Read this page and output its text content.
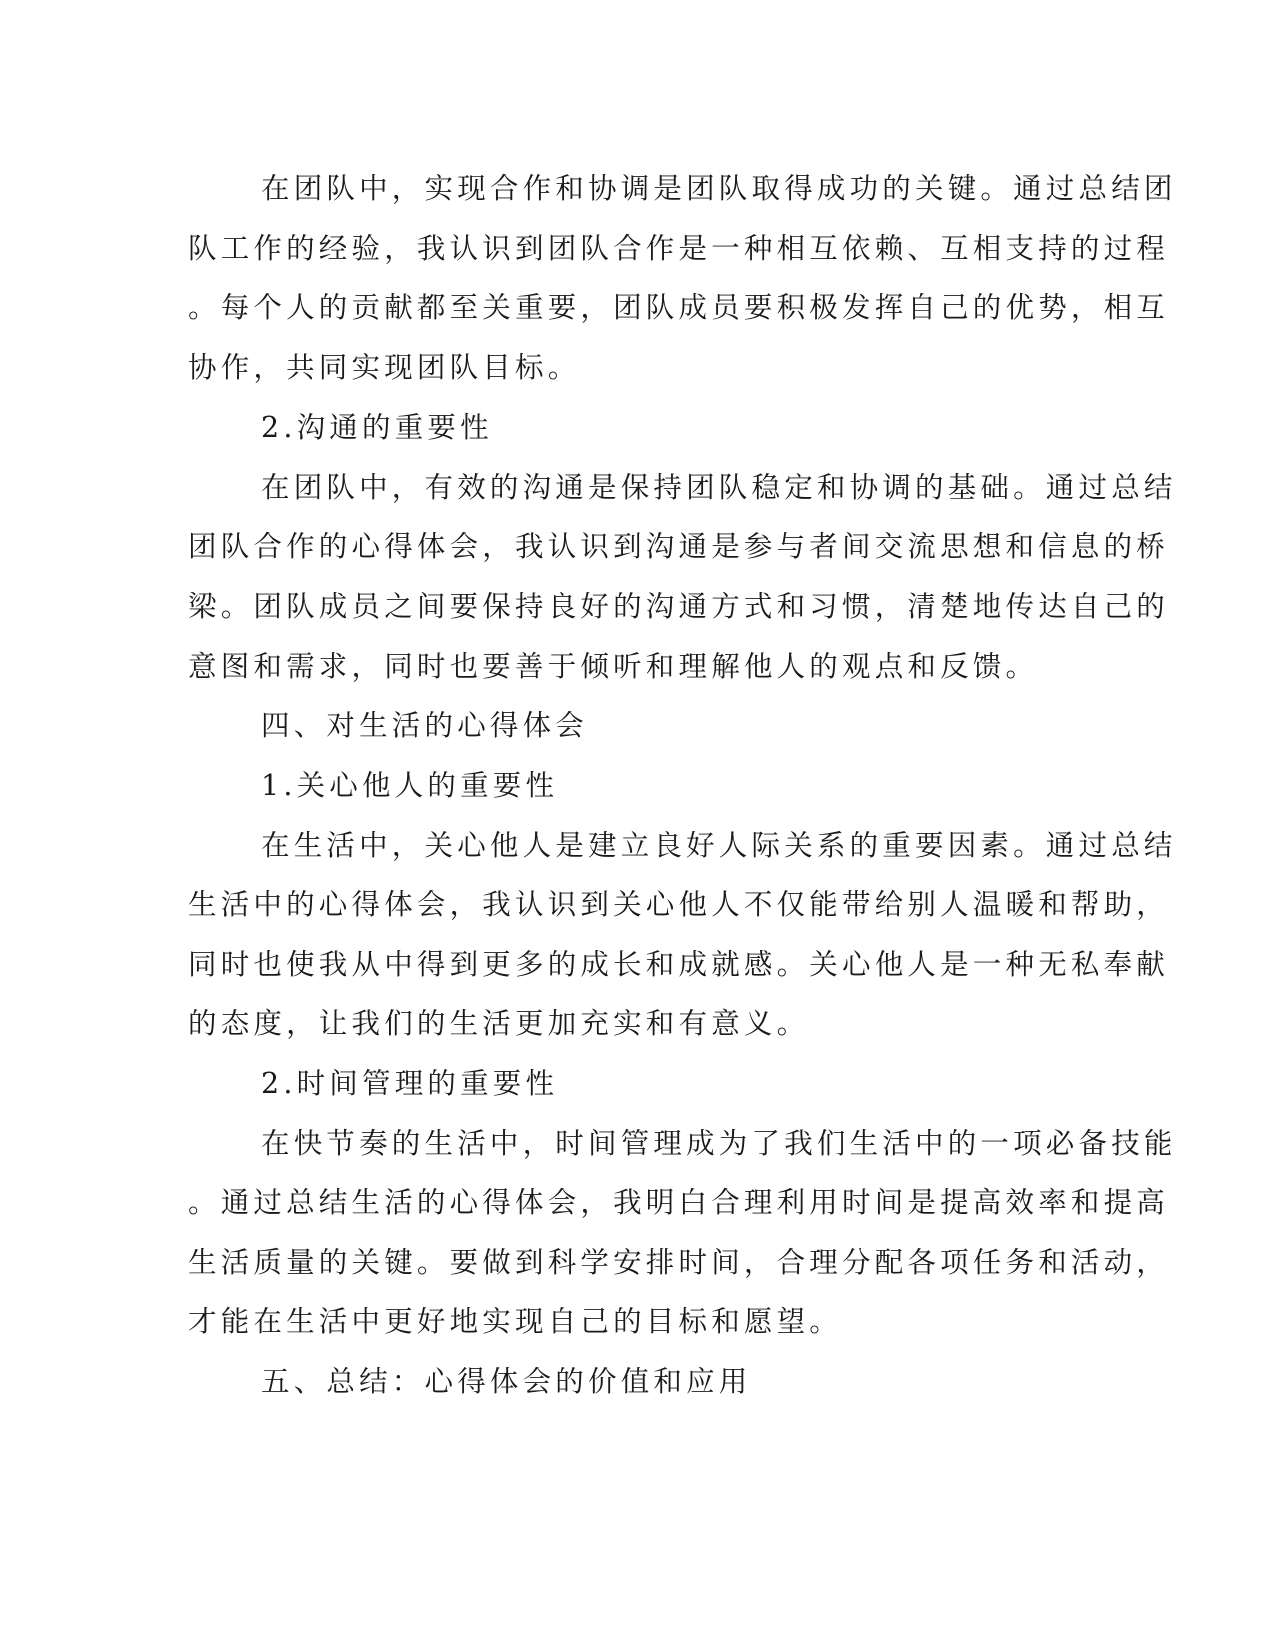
在团队中，实现合作和协调是团队取得成功的关键。通过总结团
队工作的经验，我认识到团队合作是一种相互依赖、互相支持的过程
。每个人的贡献都至关重要，团队成员要积极发挥自己的优势，相互
协作，共同实现团队目标。
2.沟通的重要性
在团队中，有效的沟通是保持团队稳定和协调的基础。通过总结
团队合作的心得体会，我认识到沟通是参与者间交流思想和信息的桥
梁。团队成员之间要保持良好的沟通方式和习惯，清楚地传达自己的
意图和需求，同时也要善于倾听和理解他人的观点和反馈。
四、对生活的心得体会
1.关心他人的重要性
在生活中，关心他人是建立良好人际关系的重要因素。通过总结
生活中的心得体会，我认识到关心他人不仅能带给别人温暖和帮助，
同时也使我从中得到更多的成长和成就感。关心他人是一种无私奉献
的态度，让我们的生活更加充实和有意义。
2.时间管理的重要性
在快节奏的生活中，时间管理成为了我们生活中的一项必备技能
。通过总结生活的心得体会，我明白合理利用时间是提高效率和提高
生活质量的关键。要做到科学安排时间，合理分配各项任务和活动，
才能在生活中更好地实现自己的目标和愿望。
五、总结：心得体会的价值和应用
